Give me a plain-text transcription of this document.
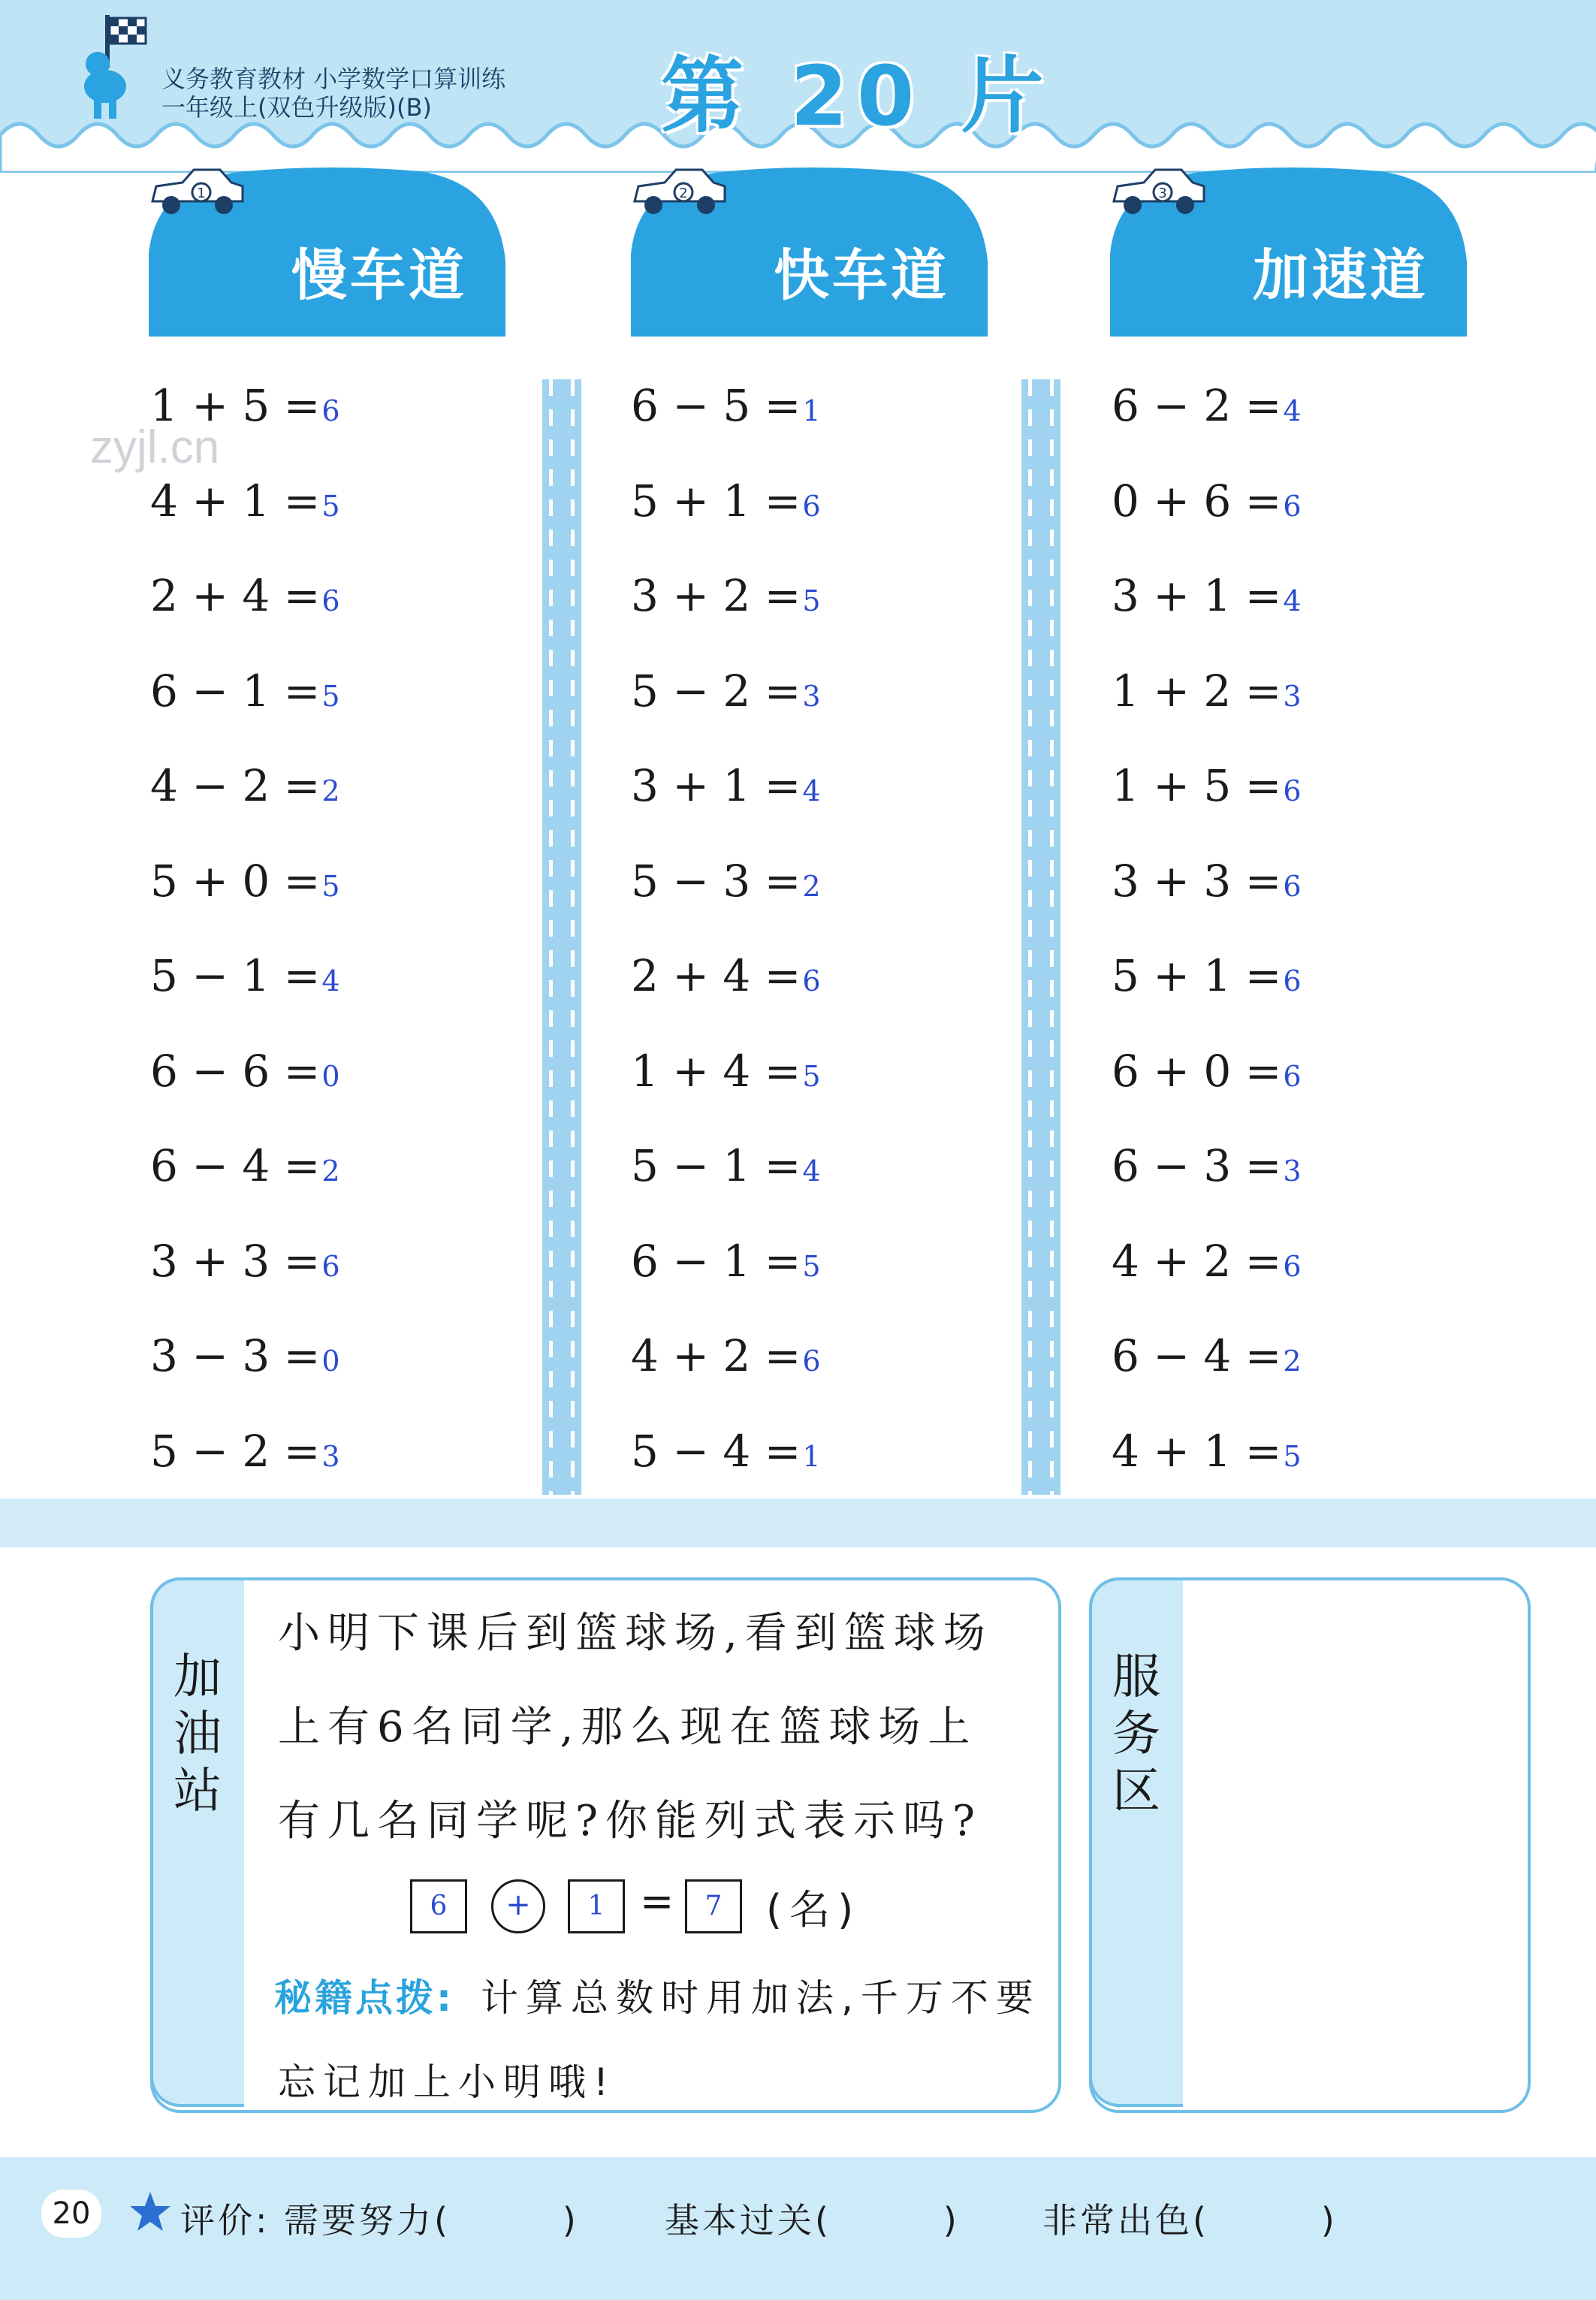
义务教育教材 小学数学口算训练
一年级上(双色升级版)(B)	第 20 片
zyjl.cn
1
慢车道
2
快车道
3
加速道
1 + 5 =6
4 + 1 =5
2 + 4 =6
6 − 1 =5
4 − 2 =2
5 + 0 =5
5 − 1 =4
6 − 6 =0
6 − 4 =2
3 + 3 =6
3 − 3 =0
5 − 2 =3
6 − 5 =1
5 + 1 =6
3 + 2 =5
5 − 2 =3
3 + 1 =4
5 − 3 =2
2 + 4 =6
1 + 4 =5
5 − 1 =4
6 − 1 =5
4 + 2 =6
5 − 4 =1
6 − 2 =4
0 + 6 =6
3 + 1 =4
1 + 2 =3
1 + 5 =6
3 + 3 =6
5 + 1 =6
6 + 0 =6
6 − 3 =3
4 + 2 =6
6 − 4 =2
4 + 1 =5
加油站
小明下课后到篮球场,看到篮球场
上有6名同学,那么现在篮球场上
有几名同学呢?你能列式表示吗?
6	+	1 =	7	(名)
秘籍点拨: 计算总数时用加法,千万不要
忘记加上小明哦!
服务区
20	评价: 需要努力(        ) 基本过关(        ) 非常出色(        )
